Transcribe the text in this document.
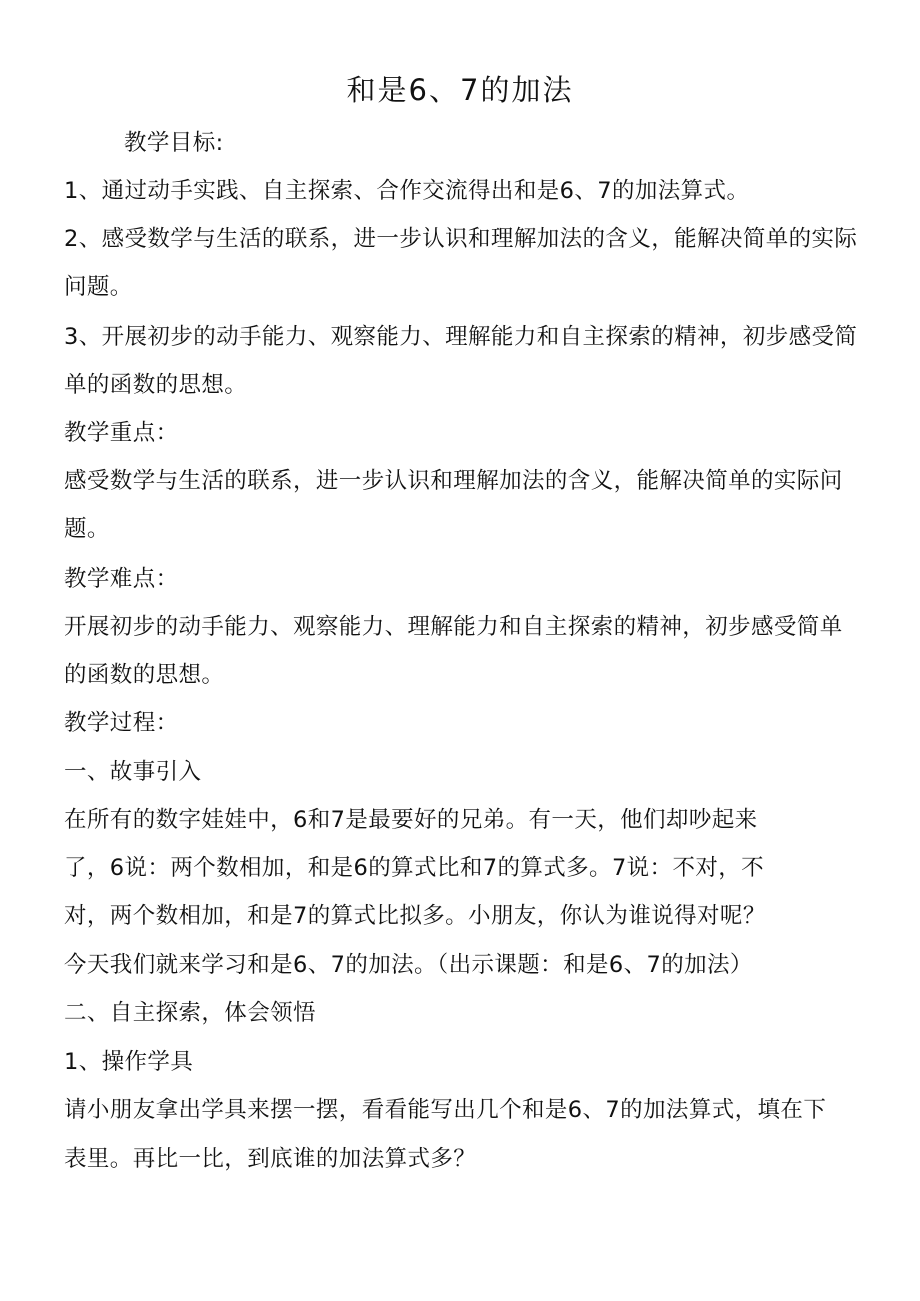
和是6、7的加法
教学目标:
1、通过动手实践、自主探索、合作交流得出和是6、7的加法算式。
2、感受数学与生活的联系，进一步认识和理解加法的含义，能解决简单的实际
问题。
3、开展初步的动手能力、观察能力、理解能力和自主探索的精神，初步感受简
单的函数的思想。
教学重点：
感受数学与生活的联系，进一步认识和理解加法的含义，能解决简单的实际问
题。
教学难点：
开展初步的动手能力、观察能力、理解能力和自主探索的精神，初步感受简单
的函数的思想。
教学过程：
一、故事引入
在所有的数字娃娃中，6和7是最要好的兄弟。有一天，他们却吵起来
了，6说：两个数相加，和是6的算式比和7的算式多。7说：不对，不
对，两个数相加，和是7的算式比拟多。小朋友，你认为谁说得对呢？
今天我们就来学习和是6、7的加法。（出示课题：和是6、7的加法）
二、自主探索，体会领悟
1、操作学具
请小朋友拿出学具来摆一摆，看看能写出几个和是6、7的加法算式，填在下
表里。再比一比，到底谁的加法算式多？
